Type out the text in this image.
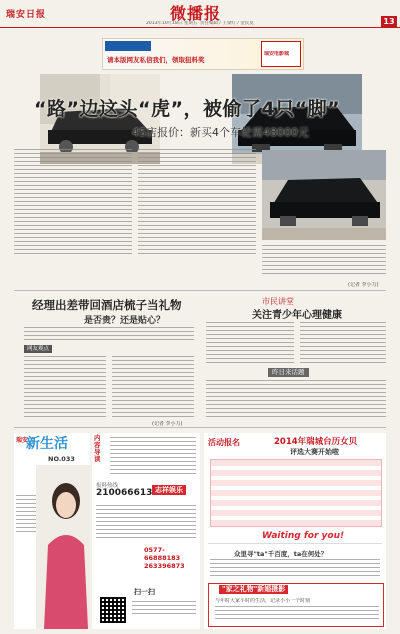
瑞安日报
2013年10月18日 星期五 责任编辑 / 王梁红 / 金民莫
微播报	13
请本版网友私信我们，领取狙料奖
瑞安电影城
“路”边这头“虎”，被偷了4只“脚”
4S店报价：新买4个车轮需48000元
(记者 李小力)
经理出差带回酒店梳子当礼物
是否贵？还是贴心？
网友观点
(记者 李小力)
市民讲堂
关注青少年心理健康
昨日来话题
瑞安
新生活
NO.033
内容导读
报料热线
210066613 志祥娱乐
0577-66888183
263396873
扫一扫
活动报名	2014年瑞城台历女贝
评选大赛开始啦
Waiting for you!
众里寻"ta"千百度，ta在何处？
"家之礼物"新婚摄影
与年时大家平时的生活，记录小小一个时刻
